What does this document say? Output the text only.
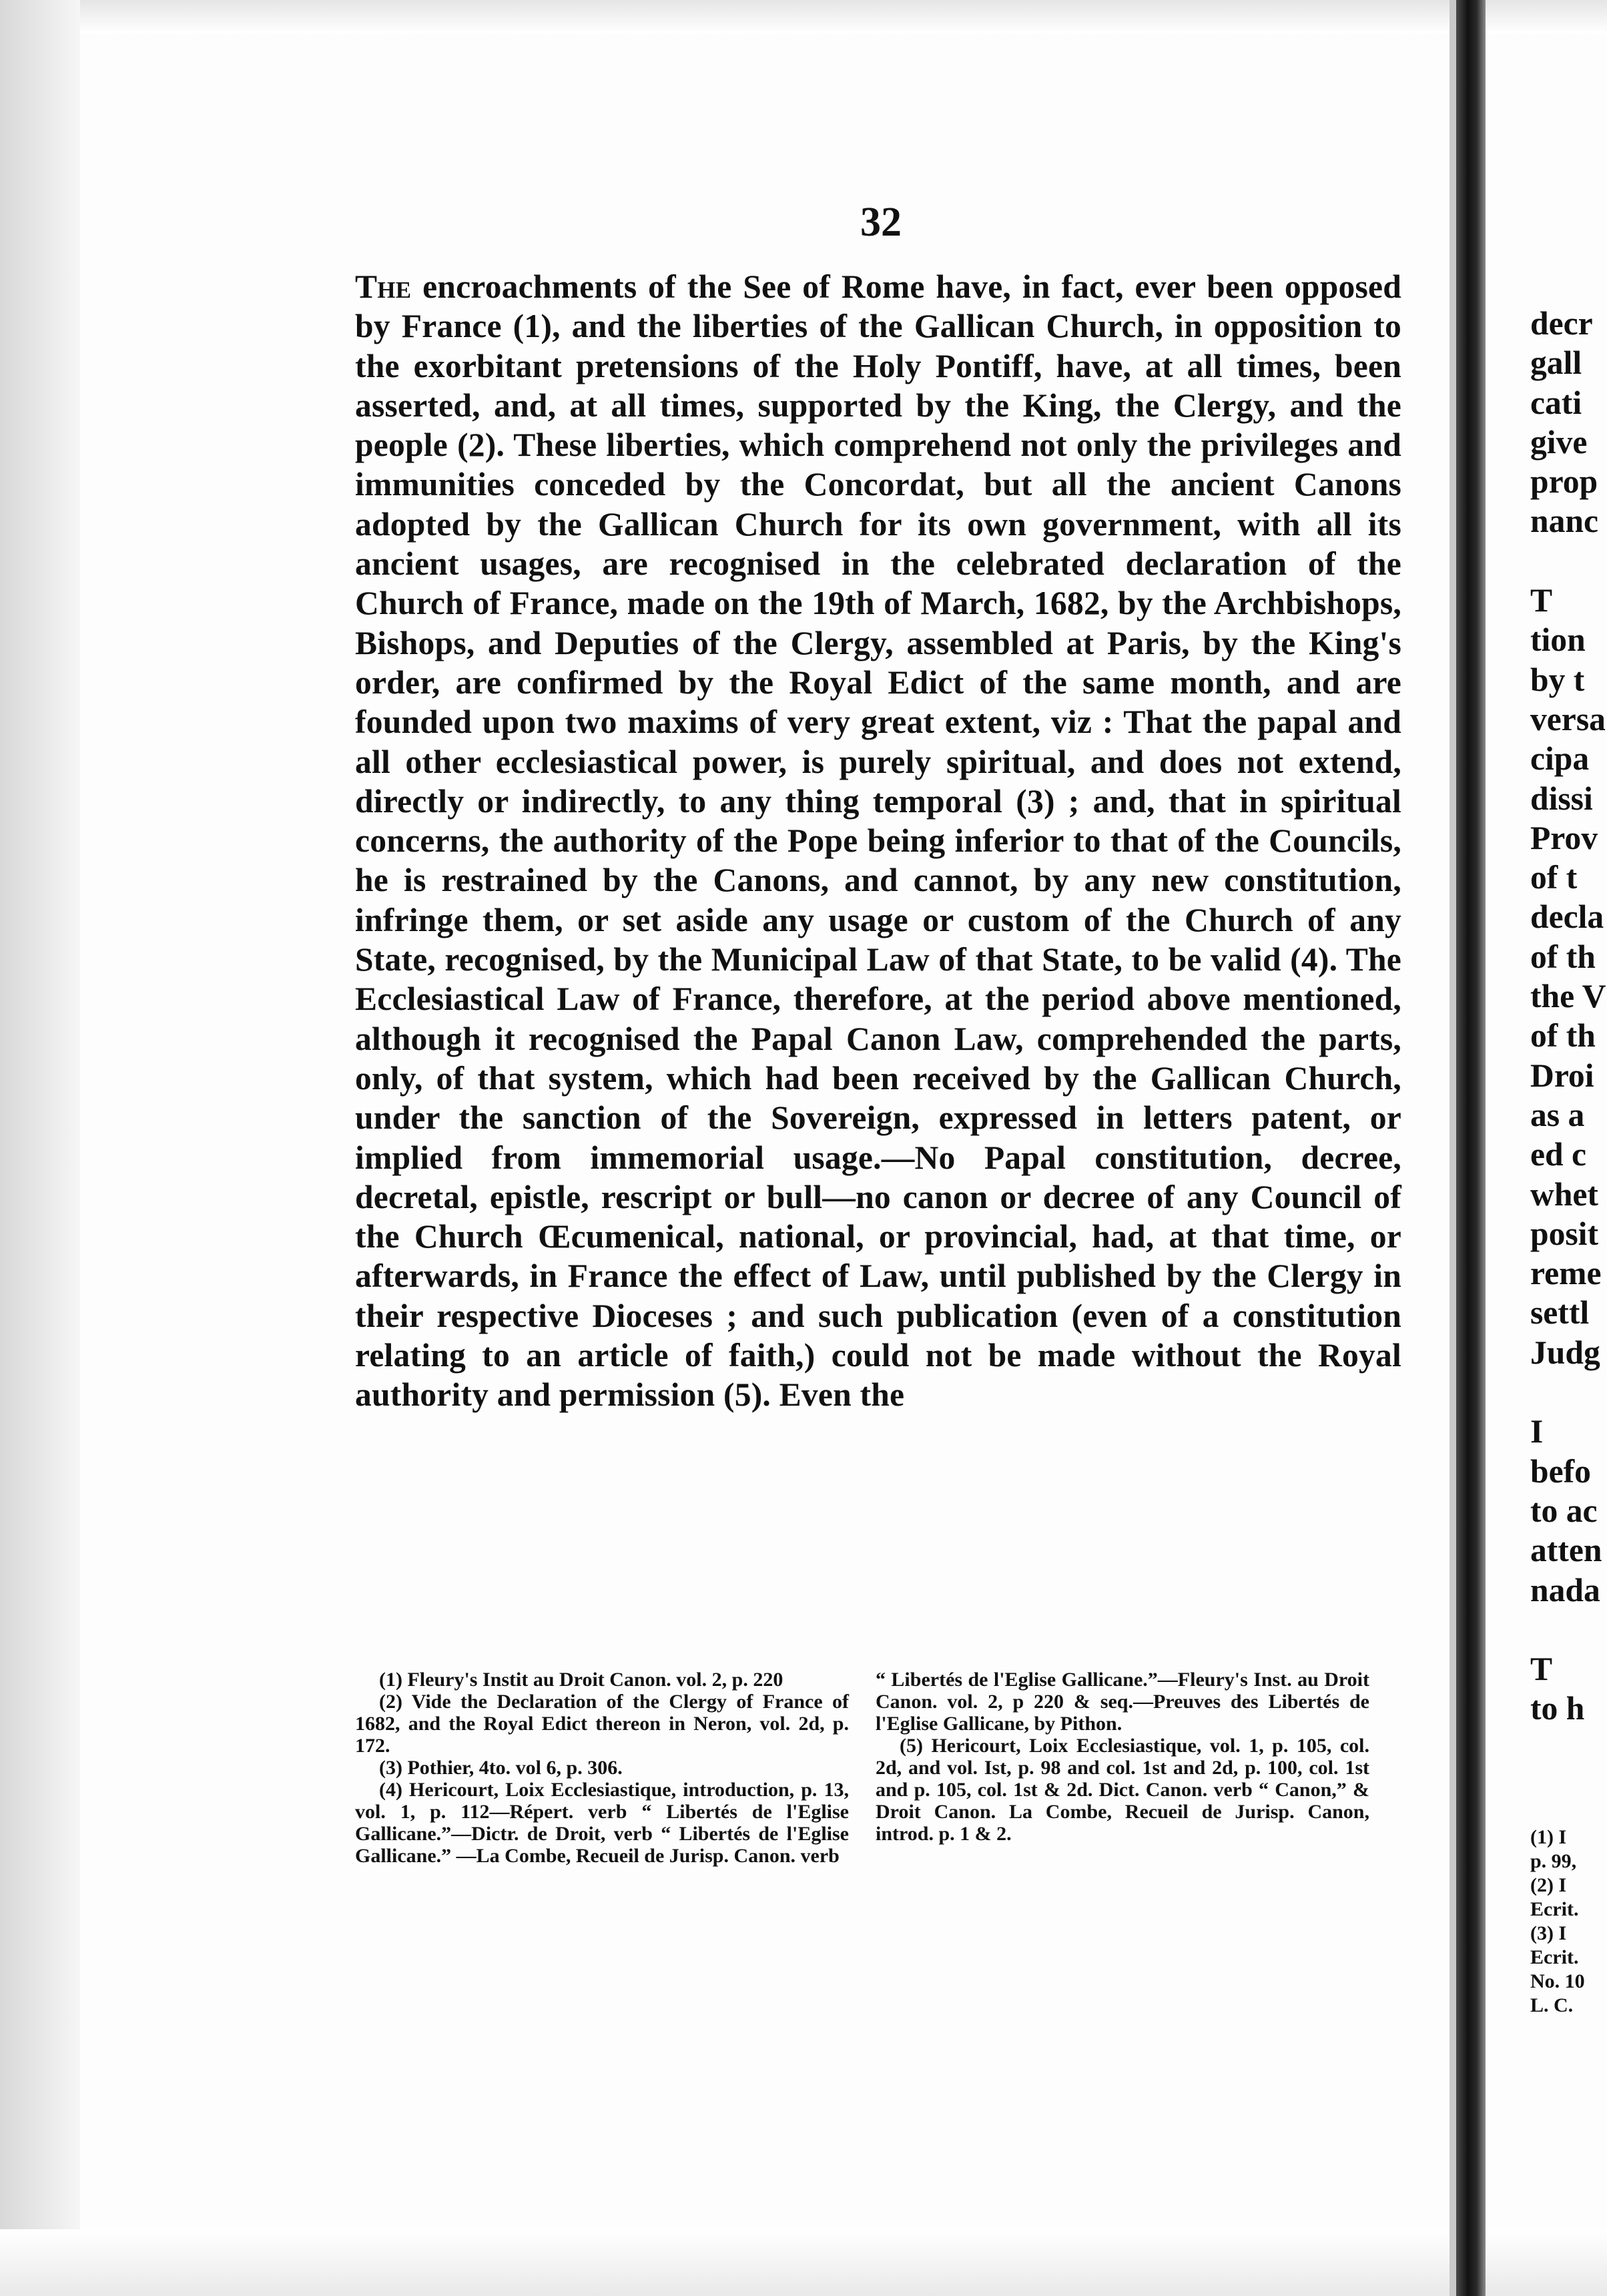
32

The encroachments of the See of Rome have, in fact, ever been opposed by France (1), and the liberties of the Gallican Church, in opposition to the exorbitant pretensions of the Holy Pontiff, have, at all times, been asserted, and, at all times, supported by the King, the Clergy, and the people (2). These liberties, which comprehend not only the privileges and immunities conceded by the Concordat, but all the ancient Canons adopted by the Gallican Church for its own government, with all its ancient usages, are recognised in the celebrated declaration of the Church of France, made on the 19th of March, 1682, by the Archbishops, Bishops, and Deputies of the Clergy, assembled at Paris, by the King's order, are confirmed by the Royal Edict of the same month, and are founded upon two maxims of very great extent, viz : That the papal and all other ecclesiastical power, is purely spiritual, and does not extend, directly or indirectly, to any thing temporal (3) ; and, that in spiritual concerns, the authority of the Pope being inferior to that of the Councils, he is restrained by the Canons, and cannot, by any new constitution, infringe them, or set aside any usage or custom of the Church of any State, recognised, by the Municipal Law of that State, to be valid (4). The Ecclesiastical Law of France, therefore, at the period above mentioned, although it recognised the Papal Canon Law, comprehended the parts, only, of that system, which had been received by the Gallican Church, under the sanction of the Sovereign, expressed in letters patent, or implied from immemorial usage.—No Papal constitution, decree, decretal, epistle, rescript or bull—no canon or decree of any Council of the Church Œcumenical, national, or provincial, had, at that time, or afterwards, in France the effect of Law, until published by the Clergy in their respective Dioceses ; and such publication (even of a constitution relating to an article of faith,) could not be made without the Royal authority and permission (5). Even the

(1) Fleury's Instit au Droit Canon. vol. 2, p. 220

(2) Vide the Declaration of the Clergy of France of 1682, and the Royal Edict thereon in Neron, vol. 2d, p. 172.

(3) Pothier, 4to. vol 6, p. 306.

(4) Hericourt, Loix Ecclesiastique, introduction, p. 13, vol. 1, p. 112—Répert. verb “ Libertés de l'Eglise Gallicane.”—Dictr. de Droit, verb “ Libertés de l'Eglise Gallicane.” —La Combe, Recueil de Jurisp. Canon. verb

“ Libertés de l'Eglise Gallicane.”—Fleury's Inst. au Droit Canon. vol. 2, p 220 & seq.—Preuves des Libertés de l'Eglise Gallicane, by Pithon.

(5) Hericourt, Loix Ecclesiastique, vol. 1, p. 105, col. 2d, and vol. Ist, p. 98 and col. 1st and 2d, p. 100, col. 1st and p. 105, col. 1st & 2d. Dict. Canon. verb “ Canon,” & Droit Canon. La Combe, Recueil de Jurisp. Canon, introd. p. 1 & 2.

decr
gall
cati
give
prop
nanc

T
tion
by t
versa
cipa
dissi
Prov
of t
decla
of th
the V
of th
Droi
as a
ed c
whet
posit
reme
settl
Judg

I
befo
to ac
atten
nada

T
to h
(1) I
p. 99,
(2) I
Ecrit.
(3) I
Ecrit.
No. 10
L. C.
